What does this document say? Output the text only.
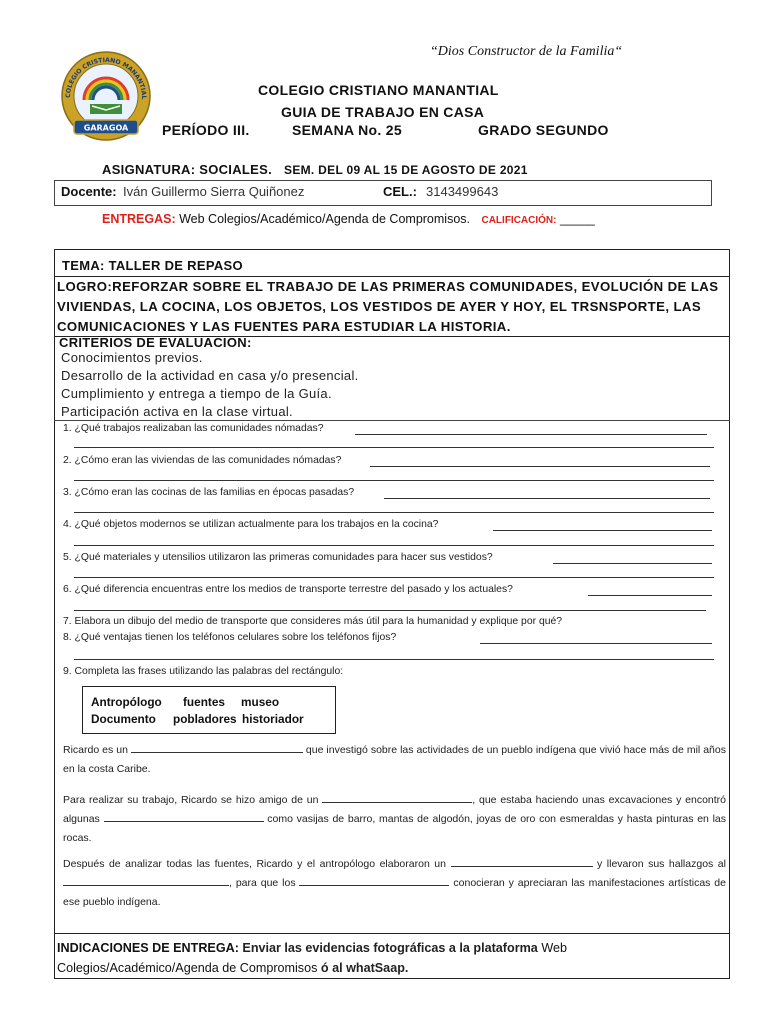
“Dios Constructor de la Familia“
COLEGIO CRISTIANO MANANTIAL
GARAGOA
COLEGIO CRISTIANO MANANTIAL
GUIA DE TRABAJO EN CASA
PERÍODO III.	SEMANA No. 25	GRADO SEGUNDO
ASIGNATURA: SOCIALES. SEM. DEL 09 AL 15 DE AGOSTO DE 2021
Docente: Iván Guillermo Sierra Quiñonez	CEL.: 3143499643
ENTREGAS: Web Colegios/Académico/Agenda de Compromisos. CALIFICACIÓN: _____
TEMA: TALLER DE REPASO
LOGRO:REFORZAR SOBRE EL TRABAJO DE LAS PRIMERAS COMUNIDADES, EVOLUCIÓN DE LAS VIVIENDAS, LA COCINA, LOS OBJETOS, LOS VESTIDOS DE AYER Y HOY, EL TRSNSPORTE, LAS COMUNICACIONES Y LAS FUENTES PARA ESTUDIAR LA HISTORIA.
CRITERIOS DE EVALUACION:
Conocimientos previos.
Desarrollo de la actividad en casa y/o presencial.
Cumplimiento y entrega a tiempo de la Guía.
Participación activa en la clase virtual.
1. ¿Qué trabajos realizaban las comunidades nómadas?
2. ¿Cómo eran las viviendas de las comunidades nómadas?
3. ¿Cómo eran las cocinas de las familias en épocas pasadas?
4. ¿Qué objetos modernos se utilizan actualmente para los trabajos en la cocina?
5. ¿Qué materiales y utensilios utilizaron las primeras comunidades para hacer sus vestidos?
6. ¿Qué diferencia encuentras entre los medios de transporte terrestre del pasado y los actuales?
7. Elabora un dibujo del medio de transporte que consideres más útil para la humanidad y explique por qué?
8. ¿Qué ventajas tienen los teléfonos celulares sobre los teléfonos fijos?
9. Completa las frases utilizando las palabras del rectángulo:
Antropólogo fuentes museo
Documento pobladores historiador
Ricardo es un	que investigó sobre las actividades de un pueblo indígena que vivió hace más de mil años en la costa Caribe.
Para realizar su trabajo, Ricardo se hizo amigo de un	, que estaba haciendo unas excavaciones y encontró algunas	como vasijas de barro, mantas de algodón, joyas de oro con esmeraldas y hasta pinturas en las rocas.
Después de analizar todas las fuentes, Ricardo y el antropólogo elaboraron un	y llevaron sus hallazgos al , para que los	conocieran y apreciaran las manifestaciones artísticas de ese pueblo indígena.
INDICACIONES DE ENTREGA: Enviar las evidencias fotográficas a la plataforma Web Colegios/Académico/Agenda de Compromisos ó al whatSaap.
